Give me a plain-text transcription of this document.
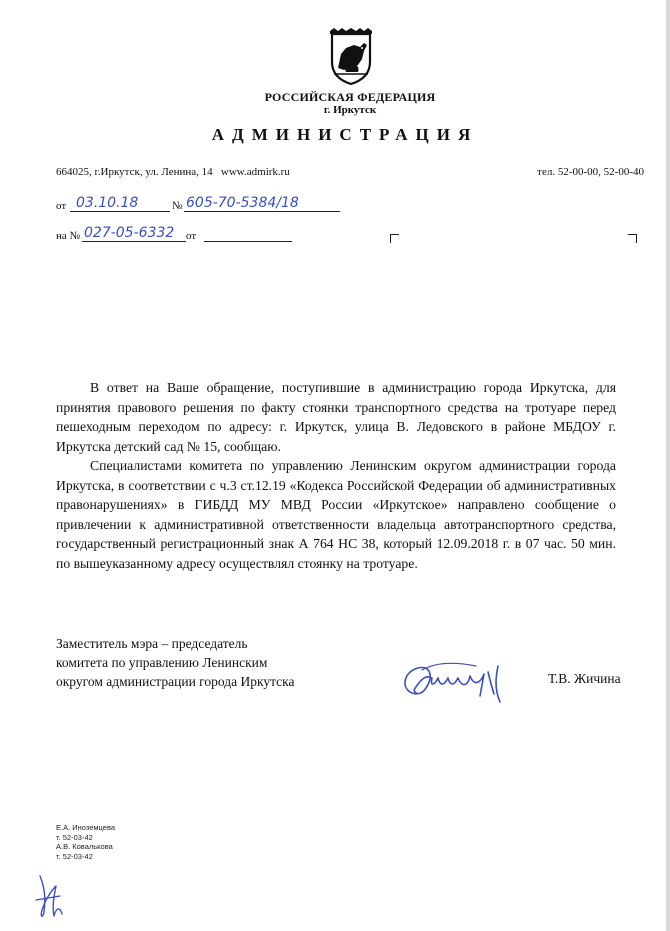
РОССИЙСКАЯ ФЕДЕРАЦИЯ
г. Иркутск
АДМИНИСТРАЦИЯ
664025, г.Иркутск, ул. Ленина, 14   www.admirk.ru	тел. 52-00-00, 52-00-40
от 03.10.18	№ 605-70-5384/18
на № 027-05-6332 от

В ответ на Ваше обращение, поступившие в администрацию города Иркутска, для принятия правового решения по факту стоянки транспортного средства на тротуаре перед пешеходным переходом по адресу: г. Иркутск, улица В. Ледовского в районе МБДОУ г. Иркутска детский сад № 15, сообщаю.

Специалистами комитета по управлению Ленинским округом администрации города Иркутска, в соответствии с ч.3 ст.12.19 «Кодекса Российской Федерации об административных правонарушениях» в ГИБДД МУ МВД России «Иркутское» направлено сообщение о привлечении к административной ответственности владельца автотранспортного средства, государственный регистрационный знак А 764 НС 38, который 12.09.2018 г. в 07 час. 50 мин. по вышеуказанному адресу осуществлял стоянку на тротуаре.

Заместитель мэра – председатель
комитета по управлению Ленинским
округом администрации города Иркутска	Т.В. Жичина
Е.А. Иноземцева
т. 52-03-42
А.В. Ковалькова
т. 52-03-42
